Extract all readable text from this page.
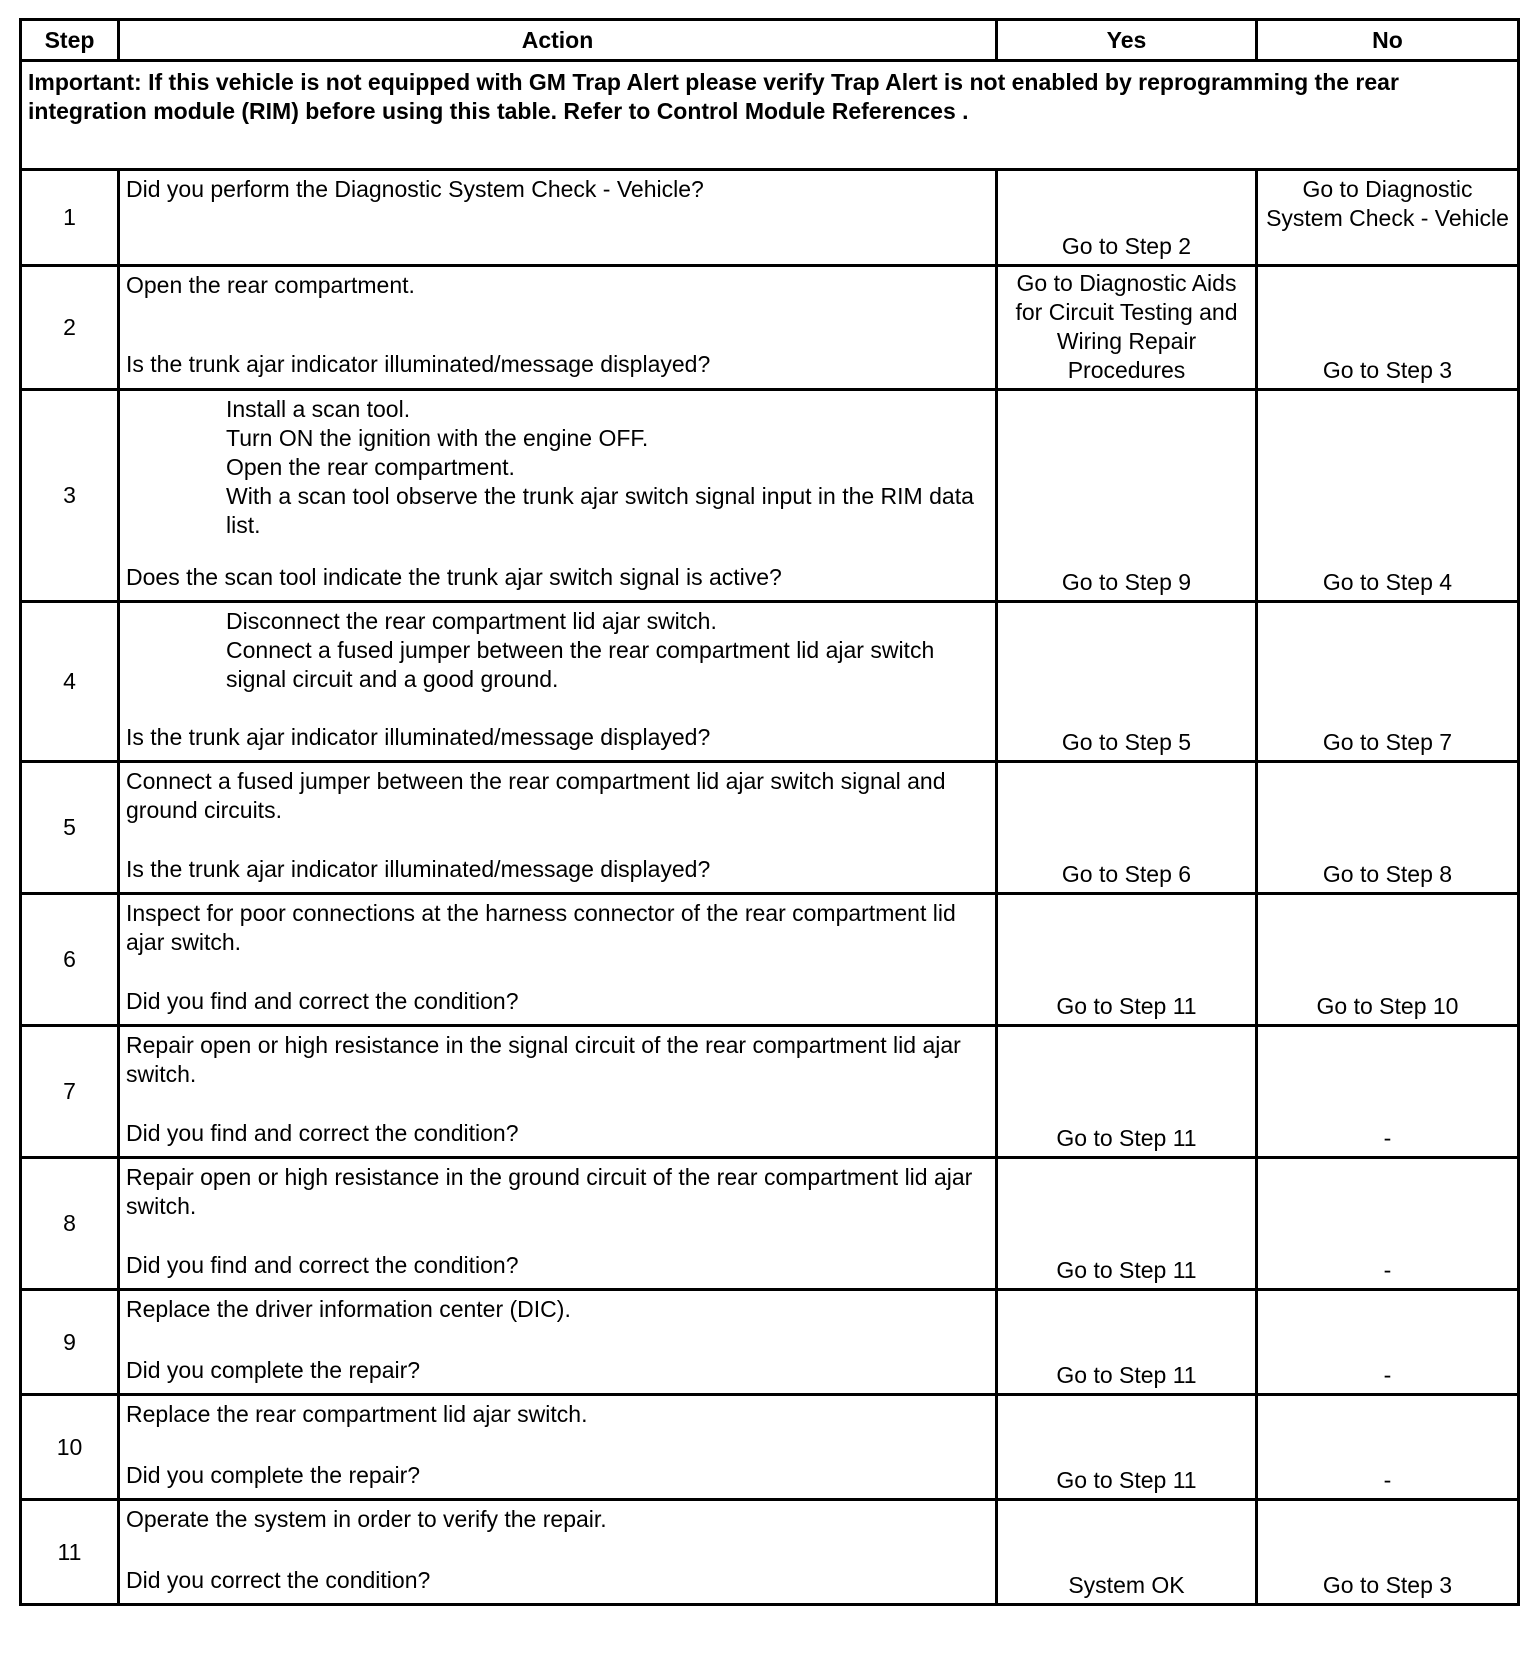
Step	Action	Yes	No
Important: If this vehicle is not equipped with GM Trap Alert please verify Trap Alert is not enabled by reprogramming the rear integration module (RIM) before using this table. Refer to Control Module References .			
1	Did you perform the Diagnostic System Check - Vehicle?	Go to Step 2	Go to Diagnostic System Check - Vehicle
2	Open the rear compartment.
Is the trunk ajar indicator illuminated/message displayed?	Go to Diagnostic Aids for Circuit Testing and Wiring Repair Procedures	Go to Step 3
3	Install a scan tool.
Turn ON the ignition with the engine OFF.
Open the rear compartment.
With a scan tool observe the trunk ajar switch signal input in the RIM data list.
Does the scan tool indicate the trunk ajar switch signal is active?	Go to Step 9	Go to Step 4
4	Disconnect the rear compartment lid ajar switch.
Connect a fused jumper between the rear compartment lid ajar switch signal circuit and a good ground.
Is the trunk ajar indicator illuminated/message displayed?	Go to Step 5	Go to Step 7
5	Connect a fused jumper between the rear compartment lid ajar switch signal and ground circuits.
Is the trunk ajar indicator illuminated/message displayed?	Go to Step 6	Go to Step 8
6	Inspect for poor connections at the harness connector of the rear compartment lid ajar switch.
Did you find and correct the condition?	Go to Step 11	Go to Step 10
7	Repair open or high resistance in the signal circuit of the rear compartment lid ajar switch.
Did you find and correct the condition?	Go to Step 11	-
8	Repair open or high resistance in the ground circuit of the rear compartment lid ajar switch.
Did you find and correct the condition?	Go to Step 11	-
9	Replace the driver information center (DIC).
Did you complete the repair?	Go to Step 11	-
10	Replace the rear compartment lid ajar switch.
Did you complete the repair?	Go to Step 11	-
11	Operate the system in order to verify the repair.
Did you correct the condition?	System OK	Go to Step 3
